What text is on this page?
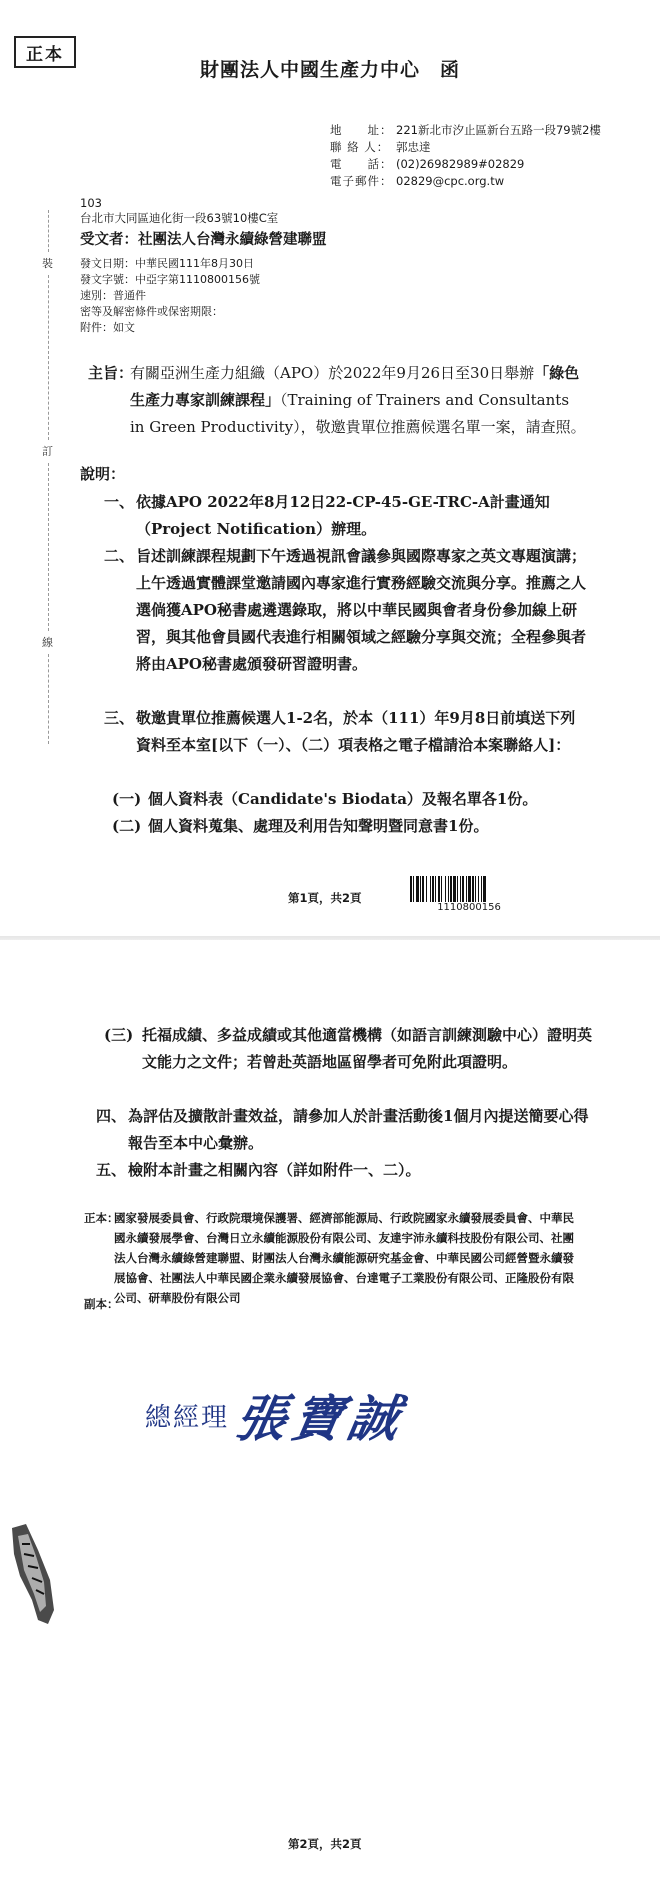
正本
財團法人中國生產力中心　函
地　　址： 221新北市汐止區新台五路一段79號2樓
聯 絡 人： 郭忠達
電　　話： (02)26982989#02829
電子郵件： 02829@cpc.org.tw
103
台北市大同區迪化街一段63號10樓C室
受文者：社團法人台灣永續綠營建聯盟
發文日期：中華民國111年8月30日
發文字號：中亞字第1110800156號
速別：普通件
密等及解密條件或保密期限：
附件：如文
裝
訂
線
主旨：
有關亞洲生產力組織（APO）於2022年9月26日至30日舉辦「綠色生產力專家訓練課程」（Training of Trainers and Consultants in Green Productivity），敬邀貴單位推薦候選名單一案，請查照。
說明：
一、 依據APO 2022年8月12日22-CP-45-GE-TRC-A計畫通知（Project Notification）辦理。
二、 旨述訓練課程規劃下午透過視訊會議參與國際專家之英文專題演講；上午透過實體課堂邀請國內專家進行實務經驗交流與分享。推薦之人選倘獲APO秘書處遴選錄取，將以中華民國與會者身份參加線上研習，與其他會員國代表進行相關領域之經驗分享與交流；全程參與者將由APO秘書處頒發研習證明書。
三、 敬邀貴單位推薦候選人1-2名，於本（111）年9月8日前填送下列資料至本室[以下（一）、（二）項表格之電子檔請洽本案聯絡人]：
(一) 個人資料表（Candidate's Biodata）及報名單各1份。
(二) 個人資料蒐集、處理及利用告知聲明暨同意書1份。
第1頁，共2頁
1110800156
(三) 托福成績、多益成績或其他適當機構（如語言訓練測驗中心）證明英文能力之文件；若曾赴英語地區留學者可免附此項證明。
四、 為評估及擴散計畫效益，請參加人於計畫活動後1個月內提送簡要心得報告至本中心彙辦。
五、 檢附本計畫之相關內容（詳如附件一、二）。
正本：
國家發展委員會、行政院環境保護署、經濟部能源局、行政院國家永續發展委員會、中華民國永續發展學會、台灣日立永續能源股份有限公司、友達宇沛永續科技股份有限公司、社團法人台灣永續綠營建聯盟、財團法人台灣永續能源研究基金會、中華民國公司經營暨永續發展協會、社團法人中華民國企業永續發展協會、台達電子工業股份有限公司、正隆股份有限公司、研華股份有限公司
副本：
總經理 張寶誠
第2頁，共2頁
